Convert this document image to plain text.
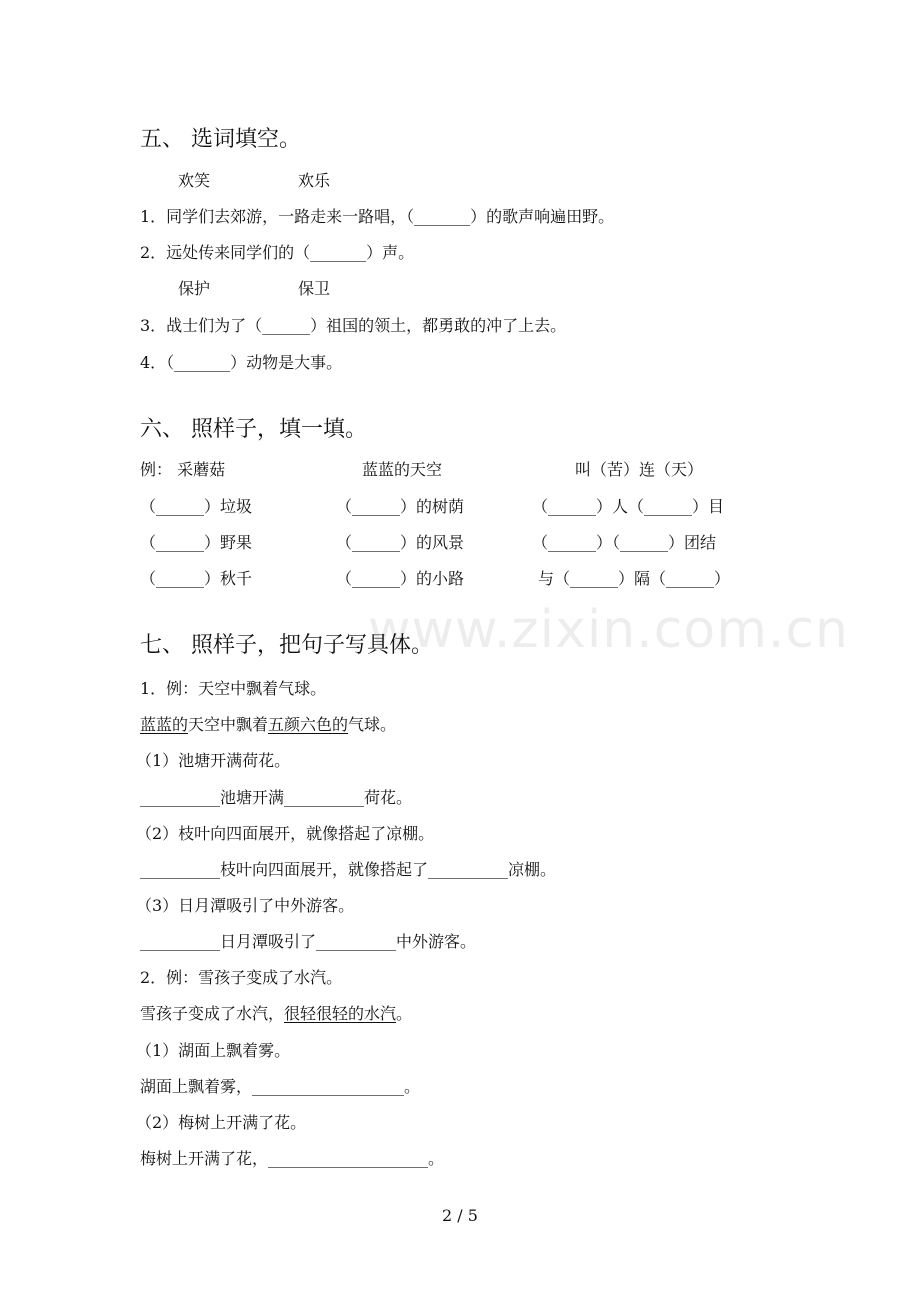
www.zixin.com.cn
五、 选词填空。
欢笑	欢乐
1．同学们去郊游，一路走来一路唱，（_______）的歌声响遍田野。
2．远处传来同学们的（_______）声。
保护	保卫
3．战士们为了（______）祖国的领土，都勇敢的冲了上去。
4．（_______）动物是大事。
六、 照样子，填一填。
例： 采蘑菇	蓝蓝的天空	叫（苦）连（天）
（______）垃圾	（______）的树荫	（______）人（______）目
（______）野果	（______）的风景	（______）（______）团结
（______）秋千	（______）的小路	与（______）隔（______）
七、 照样子，把句子写具体。
1．例：天空中飘着气球。
蓝蓝的天空中飘着五颜六色的气球。
（1）池塘开满荷花。
__________池塘开满__________荷花。
（2）枝叶向四面展开，就像搭起了凉棚。
__________枝叶向四面展开，就像搭起了__________凉棚。
（3）日月潭吸引了中外游客。
__________日月潭吸引了__________中外游客。
2．例：雪孩子变成了水汽。
雪孩子变成了水汽，很轻很轻的水汽。
（1）湖面上飘着雾。
湖面上飘着雾，___________________。
（2）梅树上开满了花。
梅树上开满了花，____________________。
2 / 5
